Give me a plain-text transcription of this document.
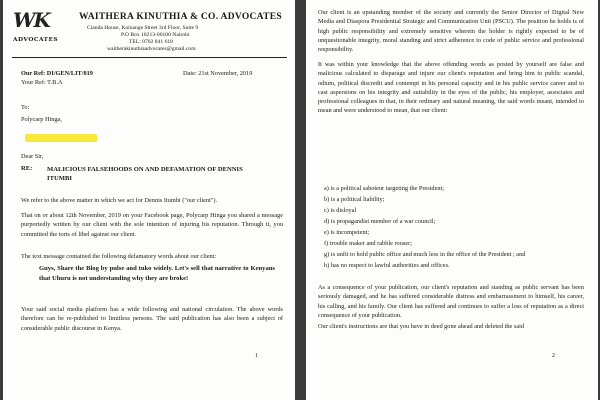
WK
ADVOCATES
WAITHERA KINUTHIA & CO. ADVOCATES
Cianda House, Koinange Street 3rd Floor, Suite 9
P.O Box 18213-00100 Nairobi
TEL: 0702 841 618
waitherakinuthiaadvocates@gmail.com
Our Ref: DI/GEN/LIT/019
Your Ref: T.B.A
Date: 21st November, 2019
To:
Polycarp Hinga,
Dear Sir,
RE: MALICIOUS FALSEHOODS ON AND DEFAMATION OF DENNIS ITUMBI
We refer to the above matter in which we act for Dennis Itumbi ("our client").
That on or about 12th November, 2019 on your Facebook page, Polycarp Hinga you shared a message purportedly written by our client with the sole intention of injuring his reputation. Through it, you committed the torts of libel against our client.
The text message contained the following defamatory words about our client:
Guys, Share the Blog by pulse and tuko widely. Let's sell that narrative to Kenyans that Uhuru is not understanding why they are broke!
Your said social media platform has a wide following and national circulation. The above words therefore can be re-published to limitless persons. The said publication has also been a subject of considerable public discourse in Kenya.
1
Our client is an upstanding member of the society and currently the Senior Director of Digital New Media and Diaspora Presidential Strategic and Communication Unit (PSCU). The position he holds is of high public responsibility and extremely sensitive wherein the holder is rightly expected to be of unquestionable integrity, moral standing and strict adherence to code of public service and professional responsibility.
It was within your knowledge that the above offending words as posted by yourself are false and malicious calculated to disparage and injure our client's reputation and bring him to public scandal, odium, political discredit and contempt in his personal capacity and in his public service career and to cast aspersions on his integrity and suitability in the eyes of the public, his employer, associates and professional colleagues in that, in their ordinary and natural meaning, the said words meant, intended to mean and were understood to mean, that our client:
a) is a political saboteur targeting the President;
b) is a political liability;
c) is disloyal
d) is propagandist member of a war council;
e) is incompetent;
f) trouble maker and rabble rouser;
g) is unfit to hold public office and much less in the office of the President ; and
h) has no respect to lawful authorities and offices.
As a consequence of your publication, our client's reputation and standing as public servant has been seriously damaged, and he has suffered considerable distress and embarrassment to himself, his career, his calling, and his family. Our client has suffered and continues to suffer a loss of reputation as a direct consequence of your publication.
Our client's instructions are that you have in deed gone ahead and deleted the said
2
